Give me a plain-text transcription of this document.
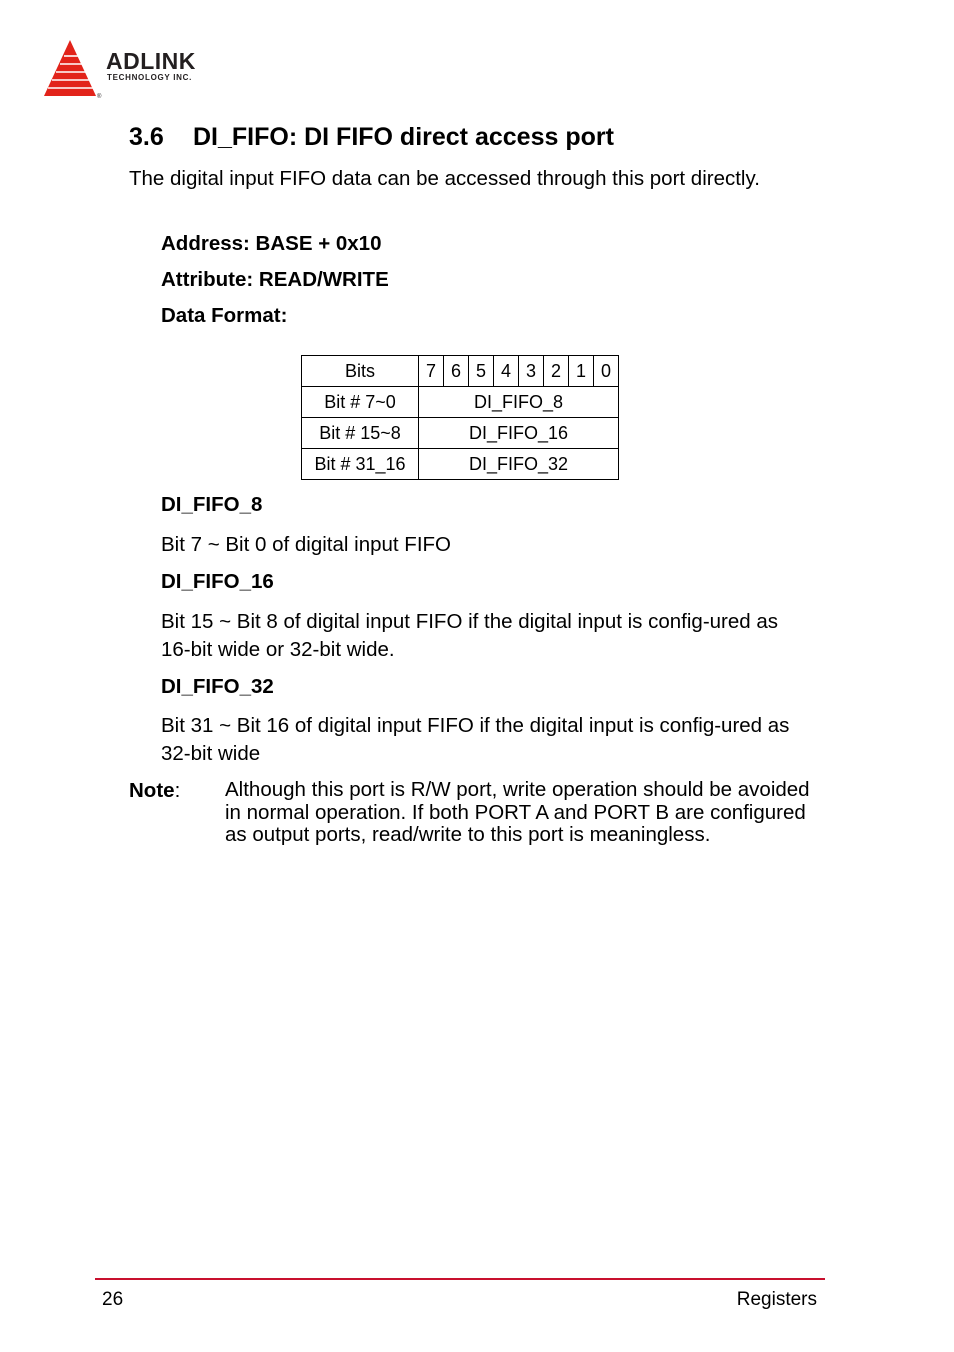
®
ADLINK
TECHNOLOGY INC.
3.6 DI_FIFO: DI FIFO direct access port
The digital input FIFO data can be accessed through this port directly.
Address: BASE + 0x10
Attribute: READ/WRITE
Data Format:
Bits	7	6	5	4	3	2	1	0
Bit # 7~0	DI_FIFO_8							
Bit # 15~8	DI_FIFO_16							
Bit # 31_16	DI_FIFO_32							
DI_FIFO_8
Bit 7 ~ Bit 0 of digital input FIFO
DI_FIFO_16
Bit 15 ~ Bit 8 of digital input FIFO if the digital input is config-ured as 16-bit wide or 32-bit wide.
DI_FIFO_32
Bit 31 ~ Bit 16 of digital input FIFO if the digital input is config-ured as 32-bit wide
Note: Although this port is R/W port, write operation should be avoided in normal operation. If both PORT A and PORT B are configured as output ports, read/write to this port is meaningless.
26	Registers
